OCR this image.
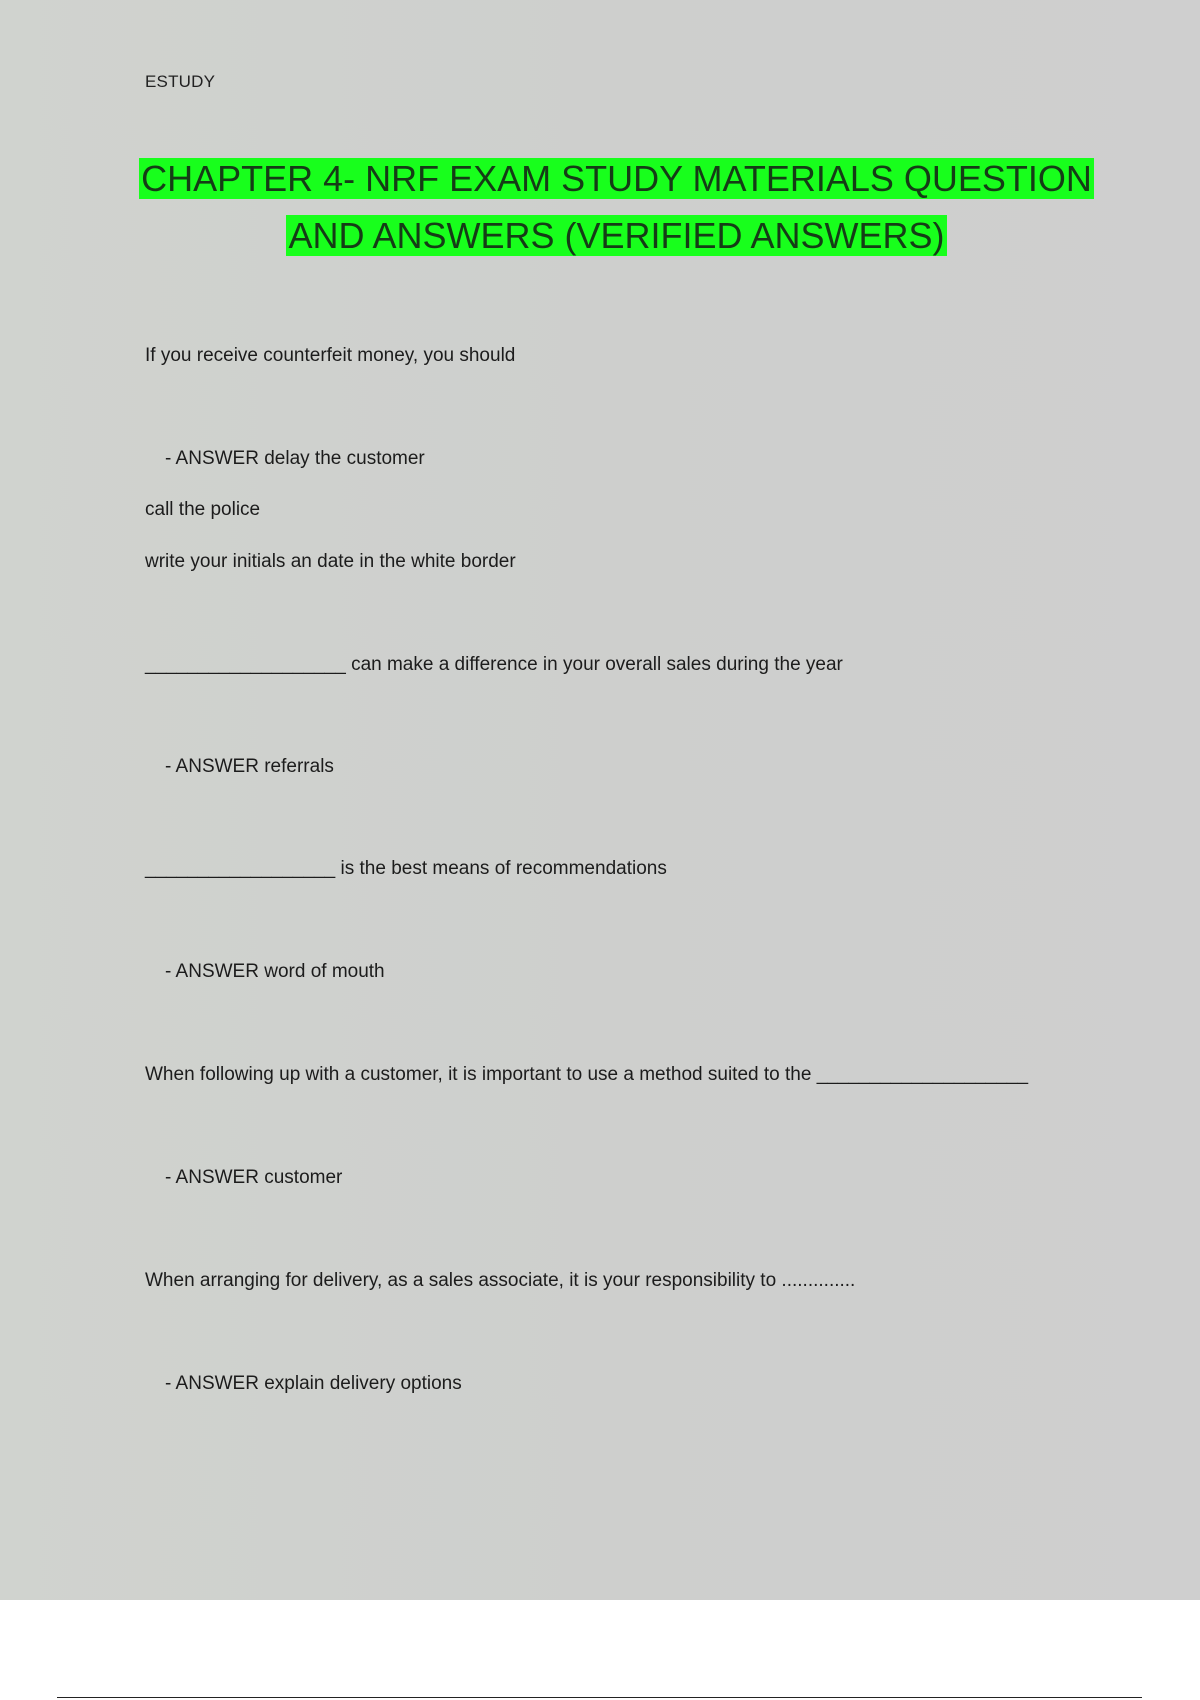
ESTUDY
CHAPTER 4- NRF EXAM STUDY MATERIALS QUESTION
AND ANSWERS (VERIFIED ANSWERS)
If you receive counterfeit money, you should
- ANSWER delay the customer
call the police
write your initials an date in the white border
___________________ can make a difference in your overall sales during the year
- ANSWER referrals
__________________ is the best means of recommendations
- ANSWER word of mouth
When following up with a customer, it is important to use a method suited to the ____________________
- ANSWER customer
When arranging for delivery, as a sales associate, it is your responsibility to ..............
- ANSWER explain delivery options
